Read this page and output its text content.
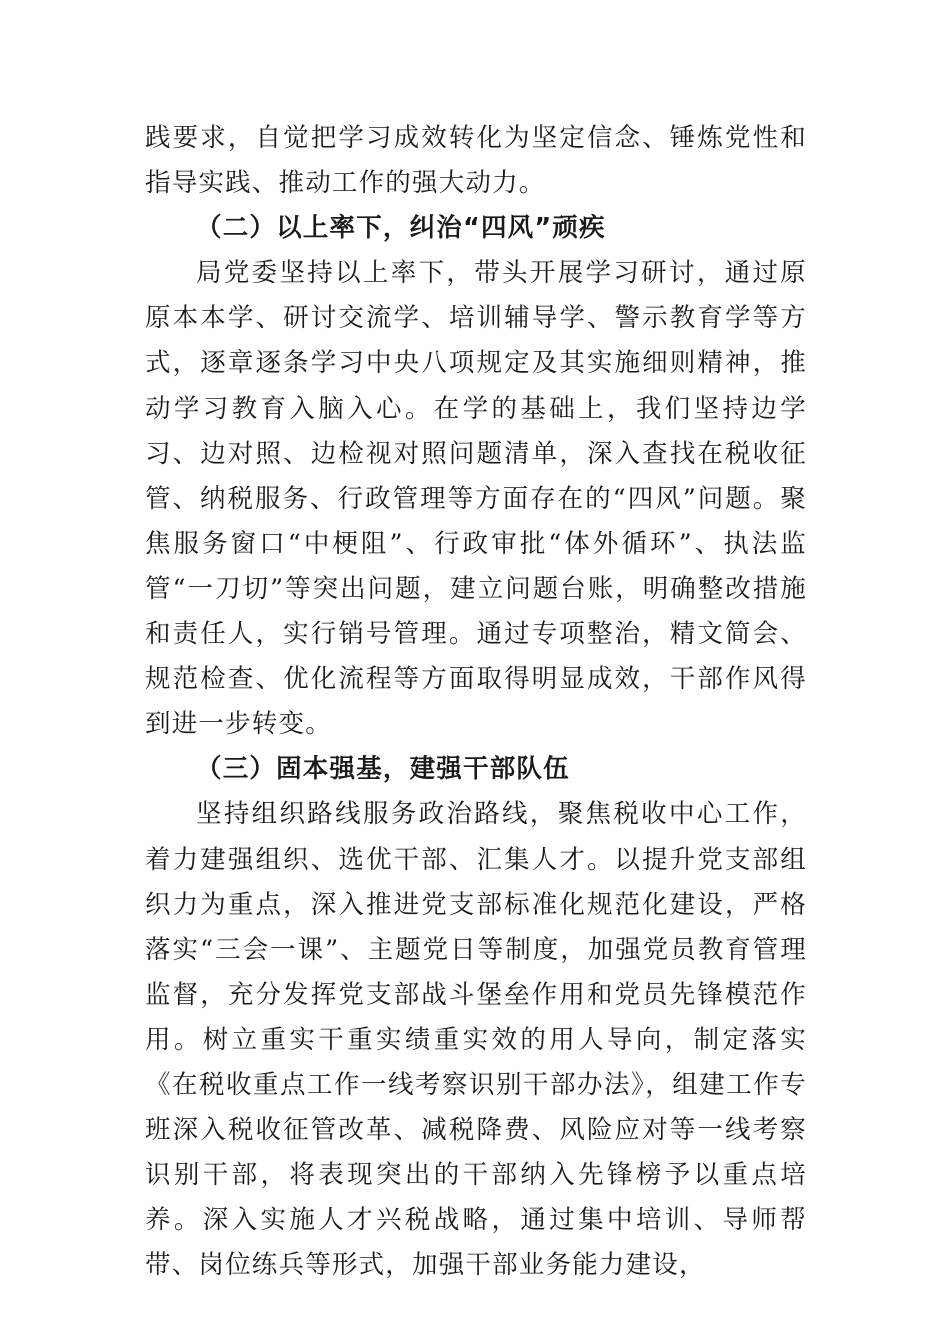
践要求，自觉把学习成效转化为坚定信念、锤炼党性和指导实践、推动工作的强大动力。

（二）以上率下，纠治“四风”顽疾

局党委坚持以上率下，带头开展学习研讨，通过原原本本学、研讨交流学、培训辅导学、警示教育学等方式，逐章逐条学习中央八项规定及其实施细则精神，推动学习教育入脑入心。在学的基础上，我们坚持边学习、边对照、边检视对照问题清单，深入查找在税收征管、纳税服务、行政管理等方面存在的“四风”问题。聚焦服务窗口“中梗阻”、行政审批“体外循环”、执法监管“一刀切”等突出问题，建立问题台账，明确整改措施和责任人，实行销号管理。通过专项整治，精文简会、规范检查、优化流程等方面取得明显成效，干部作风得到进一步转变。

（三）固本强基，建强干部队伍

坚持组织路线服务政治路线，聚焦税收中心工作，着力建强组织、选优干部、汇集人才。以提升党支部组织力为重点，深入推进党支部标准化规范化建设，严格落实“三会一课”、主题党日等制度，加强党员教育管理监督，充分发挥党支部战斗堡垒作用和党员先锋模范作用。树立重实干重实绩重实效的用人导向，制定落实《在税收重点工作一线考察识别干部办法》，组建工作专班深入税收征管改革、减税降费、风险应对等一线考察识别干部，将表现突出的干部纳入先锋榜予以重点培养。深入实施人才兴税战略，通过集中培训、导师帮带、岗位练兵等形式，加强干部业务能力建设，
